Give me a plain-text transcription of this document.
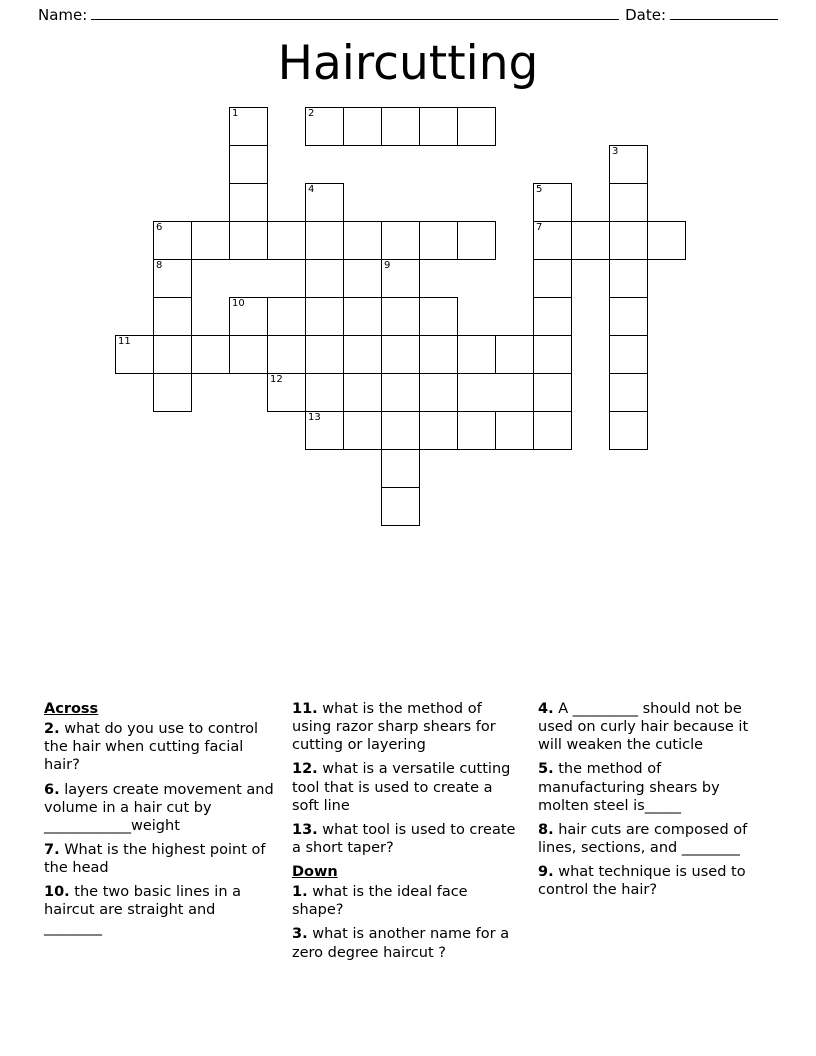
Name:	Date:
Haircutting
1	2
3
4	5
6	7
8	9
10
11
12
13
Across
2. what do you use to control the hair when cutting facial hair?
6. layers create movement and volume in a hair cut by ____________weight
7. What is the highest point of the head
10. the two basic lines in a haircut are straight and ________
11. what is the method of using razor sharp shears for cutting or layering
12. what is a versatile cutting tool that is used to create a soft line
13. what tool is used to create a short taper?
Down
1. what is the ideal face shape?
3. what is another name for a zero degree haircut ?
4. A _________ should not be used on curly hair because it will weaken the cuticle
5. the method of manufacturing shears by molten steel is_____
8. hair cuts are composed of lines, sections, and ________
9. what technique is used to control the hair?
